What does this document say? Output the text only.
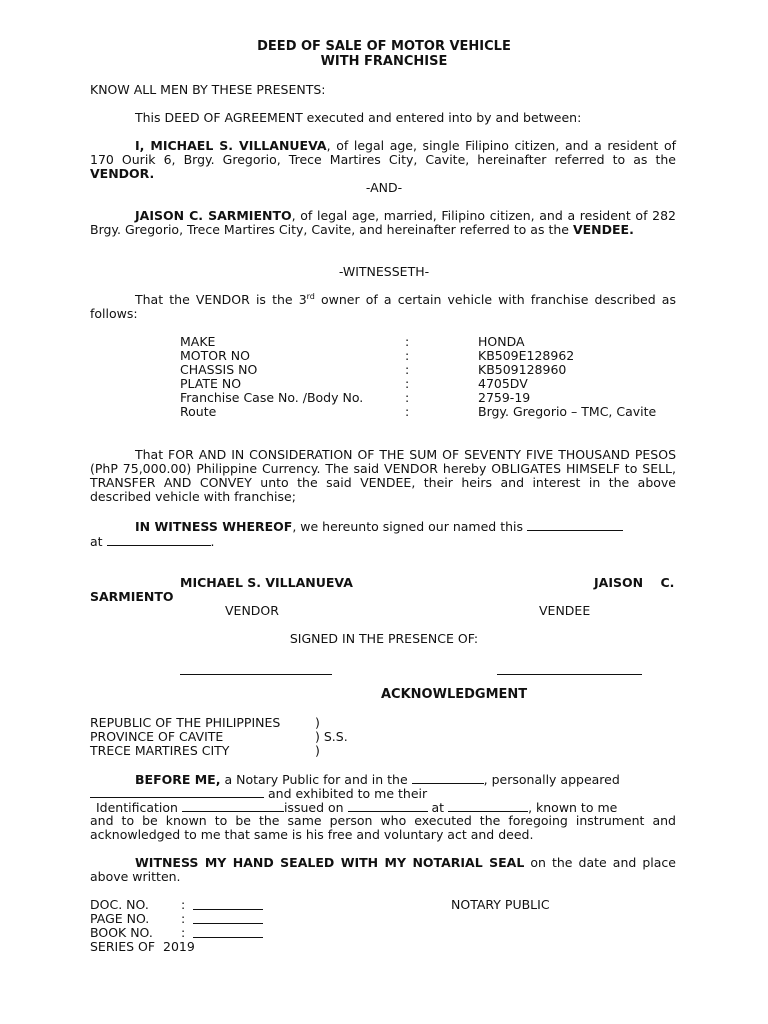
DEED OF SALE OF MOTOR VEHICLE
WITH FRANCHISE
KNOW ALL MEN BY THESE PRESENTS:
This DEED OF AGREEMENT executed and entered into by and between:
I, MICHAEL S. VILLANUEVA, of legal age, single Filipino citizen, and a resident of 170 Ourik 6, Brgy. Gregorio, Trece Martires City, Cavite, hereinafter referred to as the VENDOR.
-AND-
JAISON C. SARMIENTO, of legal age, married, Filipino citizen, and a resident of 282 Brgy. Gregorio, Trece Martires City, Cavite, and hereinafter referred to as the VENDEE.
-WITNESSETH-
That the VENDOR is the 3rd owner of a certain vehicle with franchise described as follows:
MAKE	:	HONDA
MOTOR NO	:	KB509E128962
CHASSIS NO	:	KB509128960
PLATE NO	:	4705DV
Franchise Case No. /Body No.	:	2759-19
Route	:	Brgy. Gregorio – TMC, Cavite
That FOR AND IN CONSIDERATION OF THE SUM OF SEVENTY FIVE THOUSAND PESOS (PhP 75,000.00) Philippine Currency. The said VENDOR hereby OBLIGATES HIMSELF to SELL, TRANSFER AND CONVEY unto the said VENDEE, their heirs and interest in the above described vehicle with franchise;
IN WITNESS WHEREOF, we hereunto signed our named this
at	.
MICHAEL S. VILLANUEVA	JAISON    C.
SARMIENTO
VENDOR	VENDEE
SIGNED IN THE PRESENCE OF:
ACKNOWLEDGMENT
REPUBLIC OF THE PHILIPPINES	)
PROVINCE OF CAVITE	) S.S.
TRECE MARTIRES CITY	)
BEFORE ME, a Notary Public for and in the	, personally appeared
and exhibited to me their
Identification	issued on	at	, known to me
and to be known to be the same person who executed the foregoing instrument and acknowledged to me that same is his free and voluntary act and deed.
WITNESS MY HAND SEALED WITH MY NOTARIAL SEAL on the date and place above written.
DOC. NO.	:
PAGE NO.	:
BOOK NO. :
SERIES OF  2019
NOTARY PUBLIC
